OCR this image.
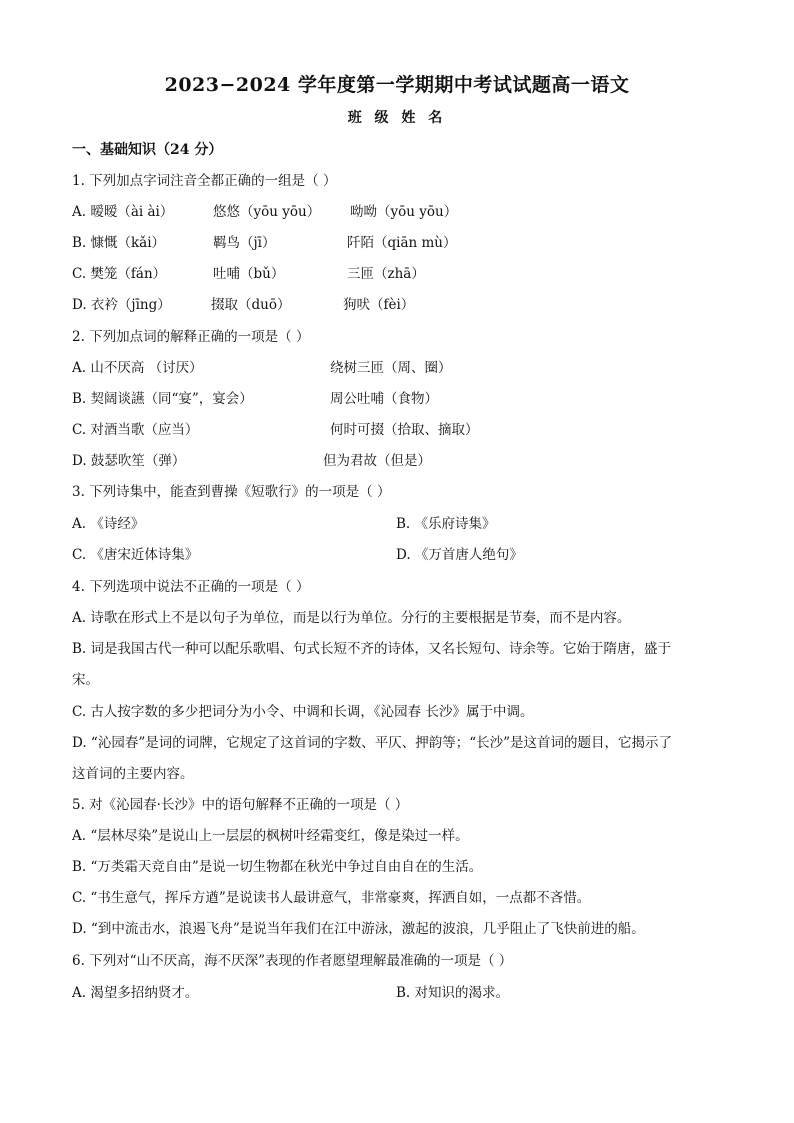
2023−2024 学年度第一学期期中考试试题高一语文
班 级 姓 名
一、基础知识（24 分）
1. 下列加点字词注音全都正确的一组是（ ）
A. 暧暧（ài ài）	悠悠（yōu yōu） 呦呦（yōu yōu）
B. 慷慨（kǎi）	羁鸟（jī）	阡陌（qiān mù）
C. 樊笼（fán）	吐哺（bǔ）	三匝（zhā）
D. 衣衿（jīng）	掇取（duō）	狗吠（fèi）
2. 下列加点词的解释正确的一项是（ ）
A. 山不厌高 （讨厌）	绕树三匝（周、圈）
B. 契阔谈讌（同“宴”，宴会）	周公吐哺（食物）
C. 对酒当歌（应当）	何时可掇（拾取、摘取）
D. 鼓瑟吹笙（弹）	但为君故（但是）
3. 下列诗集中，能查到曹操《短歌行》的一项是（ ）
A. 《诗经》	B. 《乐府诗集》
C. 《唐宋近体诗集》	D. 《万首唐人绝句》
4. 下列选项中说法不正确的一项是（ ）
A. 诗歌在形式上不是以句子为单位，而是以行为单位。分行的主要根据是节奏，而不是内容。
B. 词是我国古代一种可以配乐歌唱、句式长短不齐的诗体，又名长短句、诗余等。它始于隋唐，盛于
宋。
C. 古人按字数的多少把词分为小令、中调和长调，《沁园春 长沙》属于中调。
D. “沁园春”是词的词牌，它规定了这首词的字数、平仄、押韵等；“长沙”是这首词的题目，它揭示了
这首词的主要内容。
5. 对《沁园春·长沙》中的语句解释不正确的一项是（ ）
A. “层林尽染”是说山上一层层的枫树叶经霜变红，像是染过一样。
B. “万类霜天竞自由”是说一切生物都在秋光中争过自由自在的生活。
C. “书生意气，挥斥方遒”是说读书人最讲意气，非常豪爽，挥洒自如，一点都不吝惜。
D. “到中流击水，浪遏飞舟”是说当年我们在江中游泳，激起的波浪，几乎阻止了飞快前进的船。
6. 下列对“山不厌高，海不厌深”表现的作者愿望理解最准确的一项是（ ）
A. 渴望多招纳贤才。	B. 对知识的渴求。
